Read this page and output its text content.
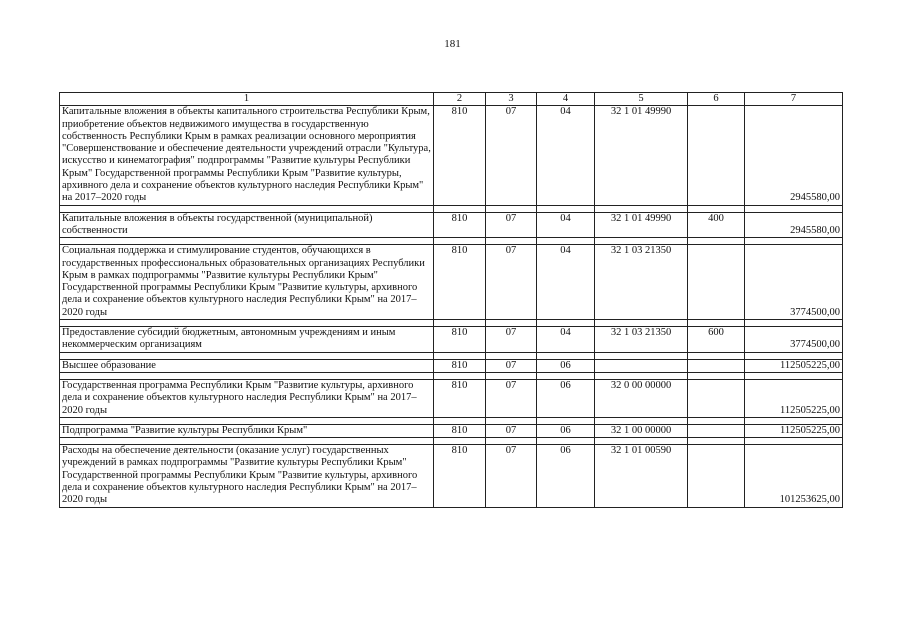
181
1	2	3	4	5	6	7
Капитальные вложения в объекты капитального строительства Республики Крым, приобретение объектов недвижимого имущества в государственную собственность Республики Крым в рамках реализации основного мероприятия "Совершенствование и обеспечение деятельности учреждений отрасли "Культура, искусство и кинематография" подпрограммы "Развитие культуры Республики Крым" Государственной программы Республики Крым "Развитие культуры, архивного дела и сохранение объектов культурного наследия Республики Крым" на 2017–2020 годы	810	07	04	32 1 01 49990		2945580,00

Капитальные вложения в объекты государственной (муниципальной) собственности	810	07	04	32 1 01 49990	400	2945580,00

Социальная поддержка и стимулирование студентов, обучающихся в государственных профессиональных образовательных организациях Республики Крым в рамках подпрограммы "Развитие культуры Республики Крым" Государственной программы Республики Крым "Развитие культуры, архивного дела и сохранение объектов культурного наследия Республики Крым" на 2017–2020 годы	810	07	04	32 1 03 21350		3774500,00

Предоставление субсидий бюджетным, автономным учреждениям и иным некоммерческим организациям	810	07	04	32 1 03 21350	600	3774500,00

Высшее образование	810	07	06			112505225,00

Государственная программа Республики Крым "Развитие культуры, архивного дела и сохранение объектов культурного наследия Республики Крым" на 2017–2020 годы	810	07	06	32 0 00 00000		112505225,00

Подпрограмма "Развитие культуры Республики Крым"	810	07	06	32 1 00 00000		112505225,00

Расходы на обеспечение деятельности (оказание услуг) государственных учреждений в рамках подпрограммы "Развитие культуры Республики Крым" Государственной программы Республики Крым "Развитие культуры, архивного дела и сохранение объектов культурного наследия Республики Крым" на 2017–2020 годы	810	07	06	32 1 01 00590		101253625,00
